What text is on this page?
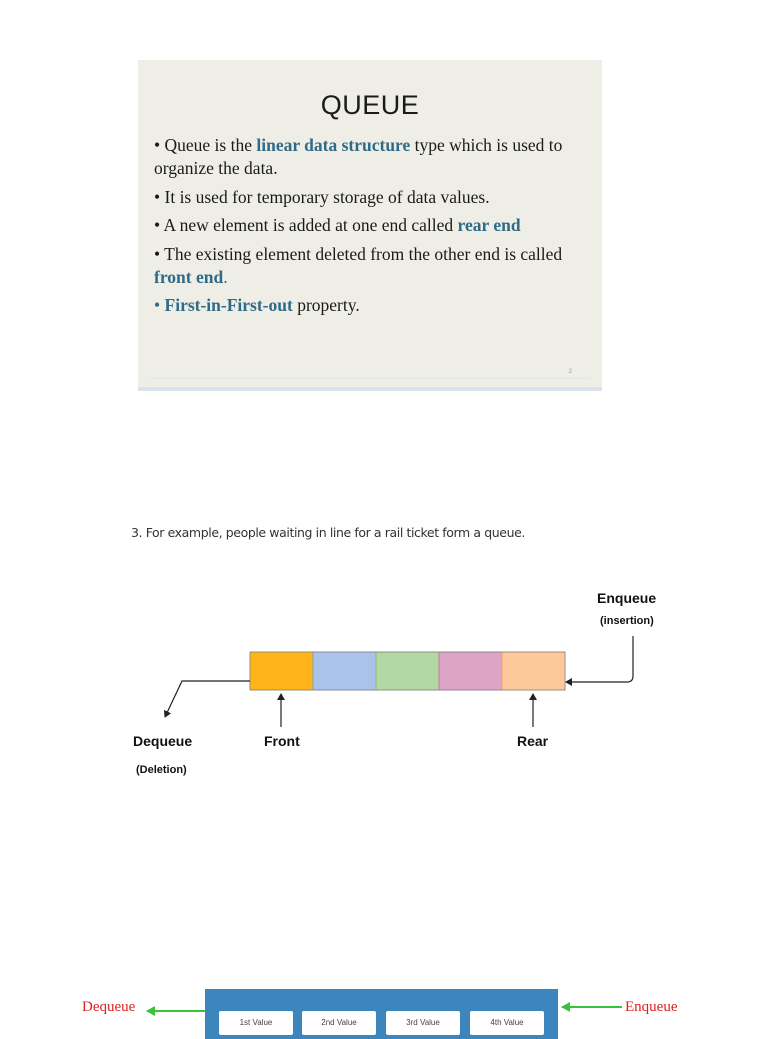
QUEUE

• Queue is the linear data structure type which is used to organize the data.

• It is used for temporary storage of data values.

• A new element is added at one end called rear end

• The existing element deleted from the other end is called front end.

• First-in-First-out property.

2
3. For example, people waiting in line for a rail ticket form a queue.
Enqueue
(insertion)
Dequeue
(Deletion)
Front	Rear
1st Value	2nd Value	3rd Value	4th Value
Dequeue	Enqueue
